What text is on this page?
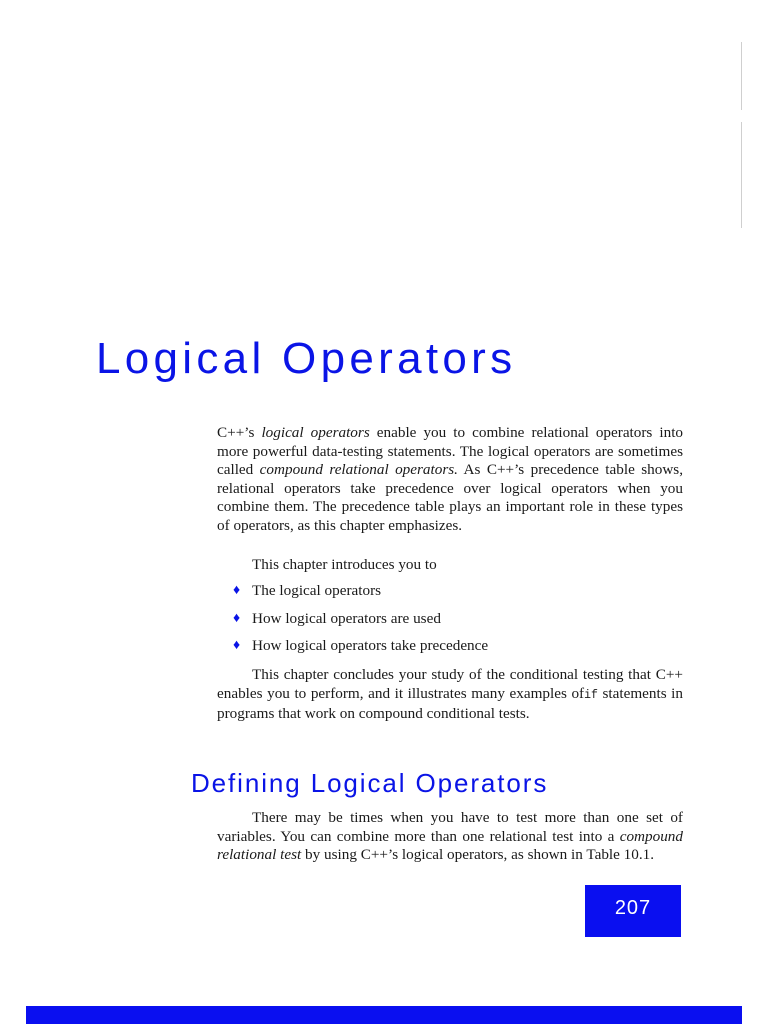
Logical Operators

C++’s logical operators enable you to combine relational operators into more powerful data-testing statements. The logical operators are sometimes called compound relational operators. As C++’s precedence table shows, relational operators take precedence over logical operators when you combine them. The precedence table plays an important role in these types of operators, as this chapter emphasizes.

This chapter introduces you to

♦ The logical operators
♦ How logical operators are used
♦ How logical operators take precedence

This chapter concludes your study of the conditional testing that C++ enables you to perform, and it illustrates many examples ofif statements in programs that work on compound conditional tests.

Defining Logical Operators

There may be times when you have to test more than one set of variables. You can combine more than one relational test into a compound relational test by using C++’s logical operators, as shown in Table 10.1.

207
